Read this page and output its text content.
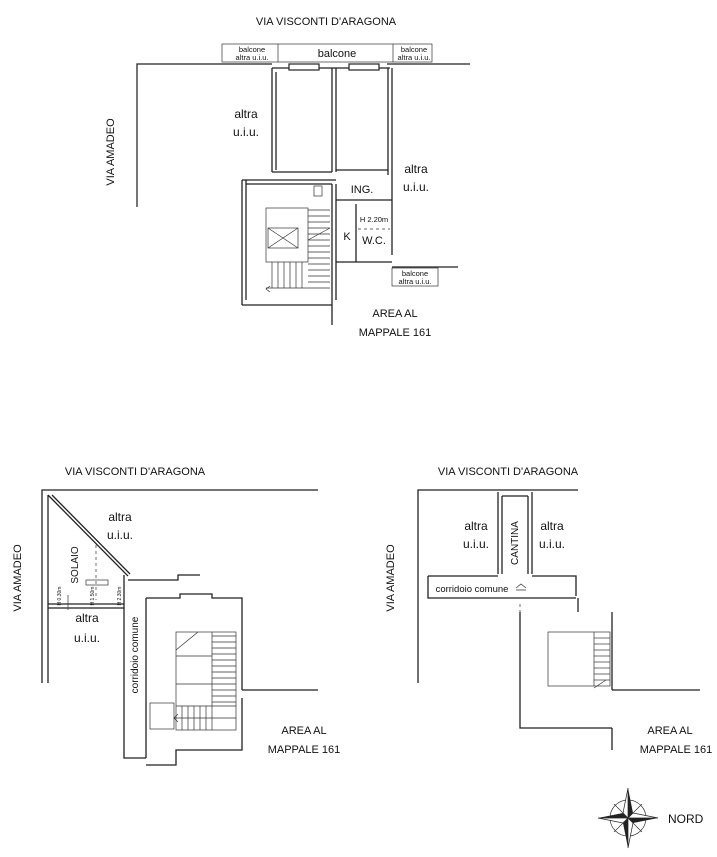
VIA VISCONTI D'ARAGONA
VIA AMADEO
balcone
altra u.i.u.	balcone	balcone
altra u.i.u.
altra
u.i.u.
altra
u.i.u.
ING.
H 2.20m
K W.C.
balcone
altra u.i.u.
AREA AL
MAPPALE 161
VIA VISCONTI D'ARAGONA
VIA AMADEO
altra
u.i.u.
SOLAIO
H 0.30m	H 1.50m	H 2.30m
altra
u.i.u.	corridoio comune
AREA AL
MAPPALE 161
VIA VISCONTI D'ARAGONA
VIA AMADEO
altra
u.i.u. CANTINA altra
u.i.u.
corridoio comune
AREA AL
MAPPALE 161
NORD
